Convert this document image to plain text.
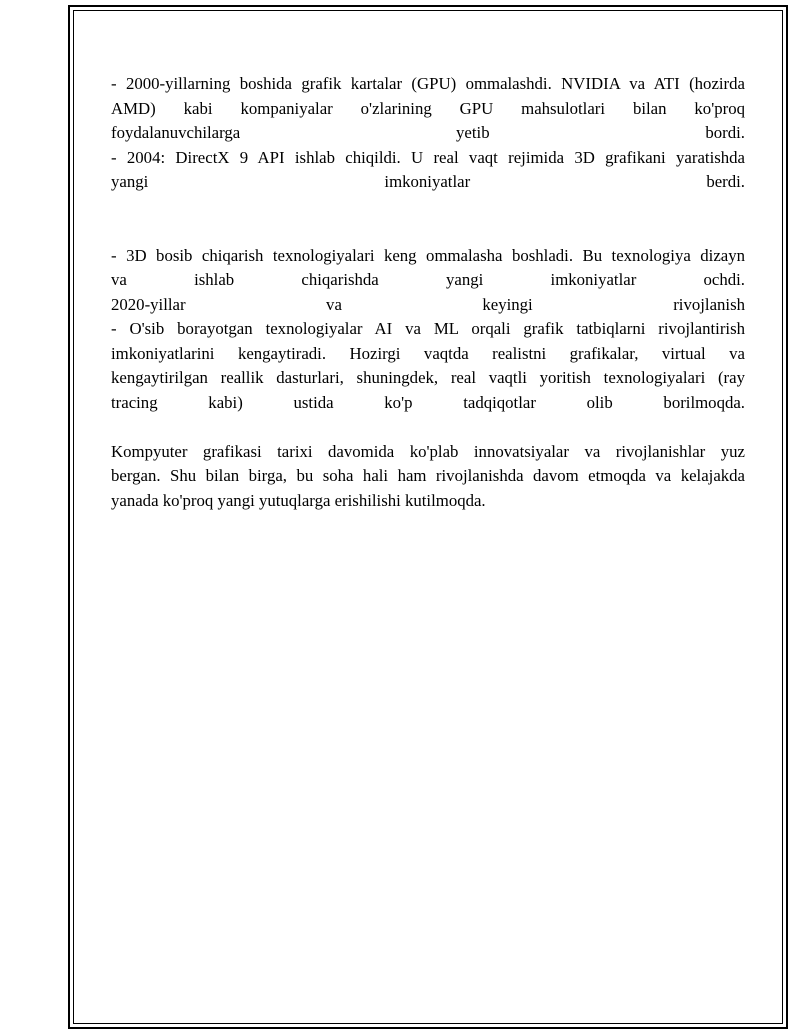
- 2000-yillarning boshida grafik kartalar (GPU) ommalashdi. NVIDIA va ATI (hozirda
AMD) kabi kompaniyalar o'zlarining GPU mahsulotlari bilan ko'proq
foydalanuvchilarga yetib bordi.
- 2004: DirectX 9 API ishlab chiqildi. U real vaqt rejimida 3D grafikani yaratishda
yangi imkoniyatlar berdi.
- 3D bosib chiqarish texnologiyalari keng ommalasha boshladi. Bu texnologiya dizayn
va ishlab chiqarishda yangi imkoniyatlar ochdi.
2020-yillar va keyingi rivojlanish
- O'sib borayotgan texnologiyalar AI va ML orqali grafik tatbiqlarni rivojlantirish
imkoniyatlarini kengaytiradi. Hozirgi vaqtda realistni grafikalar, virtual va
kengaytirilgan reallik dasturlari, shuningdek, real vaqtli yoritish texnologiyalari (ray
tracing kabi) ustida ko'p tadqiqotlar olib borilmoqda.
Kompyuter grafikasi tarixi davomida ko'plab innovatsiyalar va rivojlanishlar yuz
bergan. Shu bilan birga, bu soha hali ham rivojlanishda davom etmoqda va kelajakda
yanada ko'proq yangi yutuqlarga erishilishi kutilmoqda.
